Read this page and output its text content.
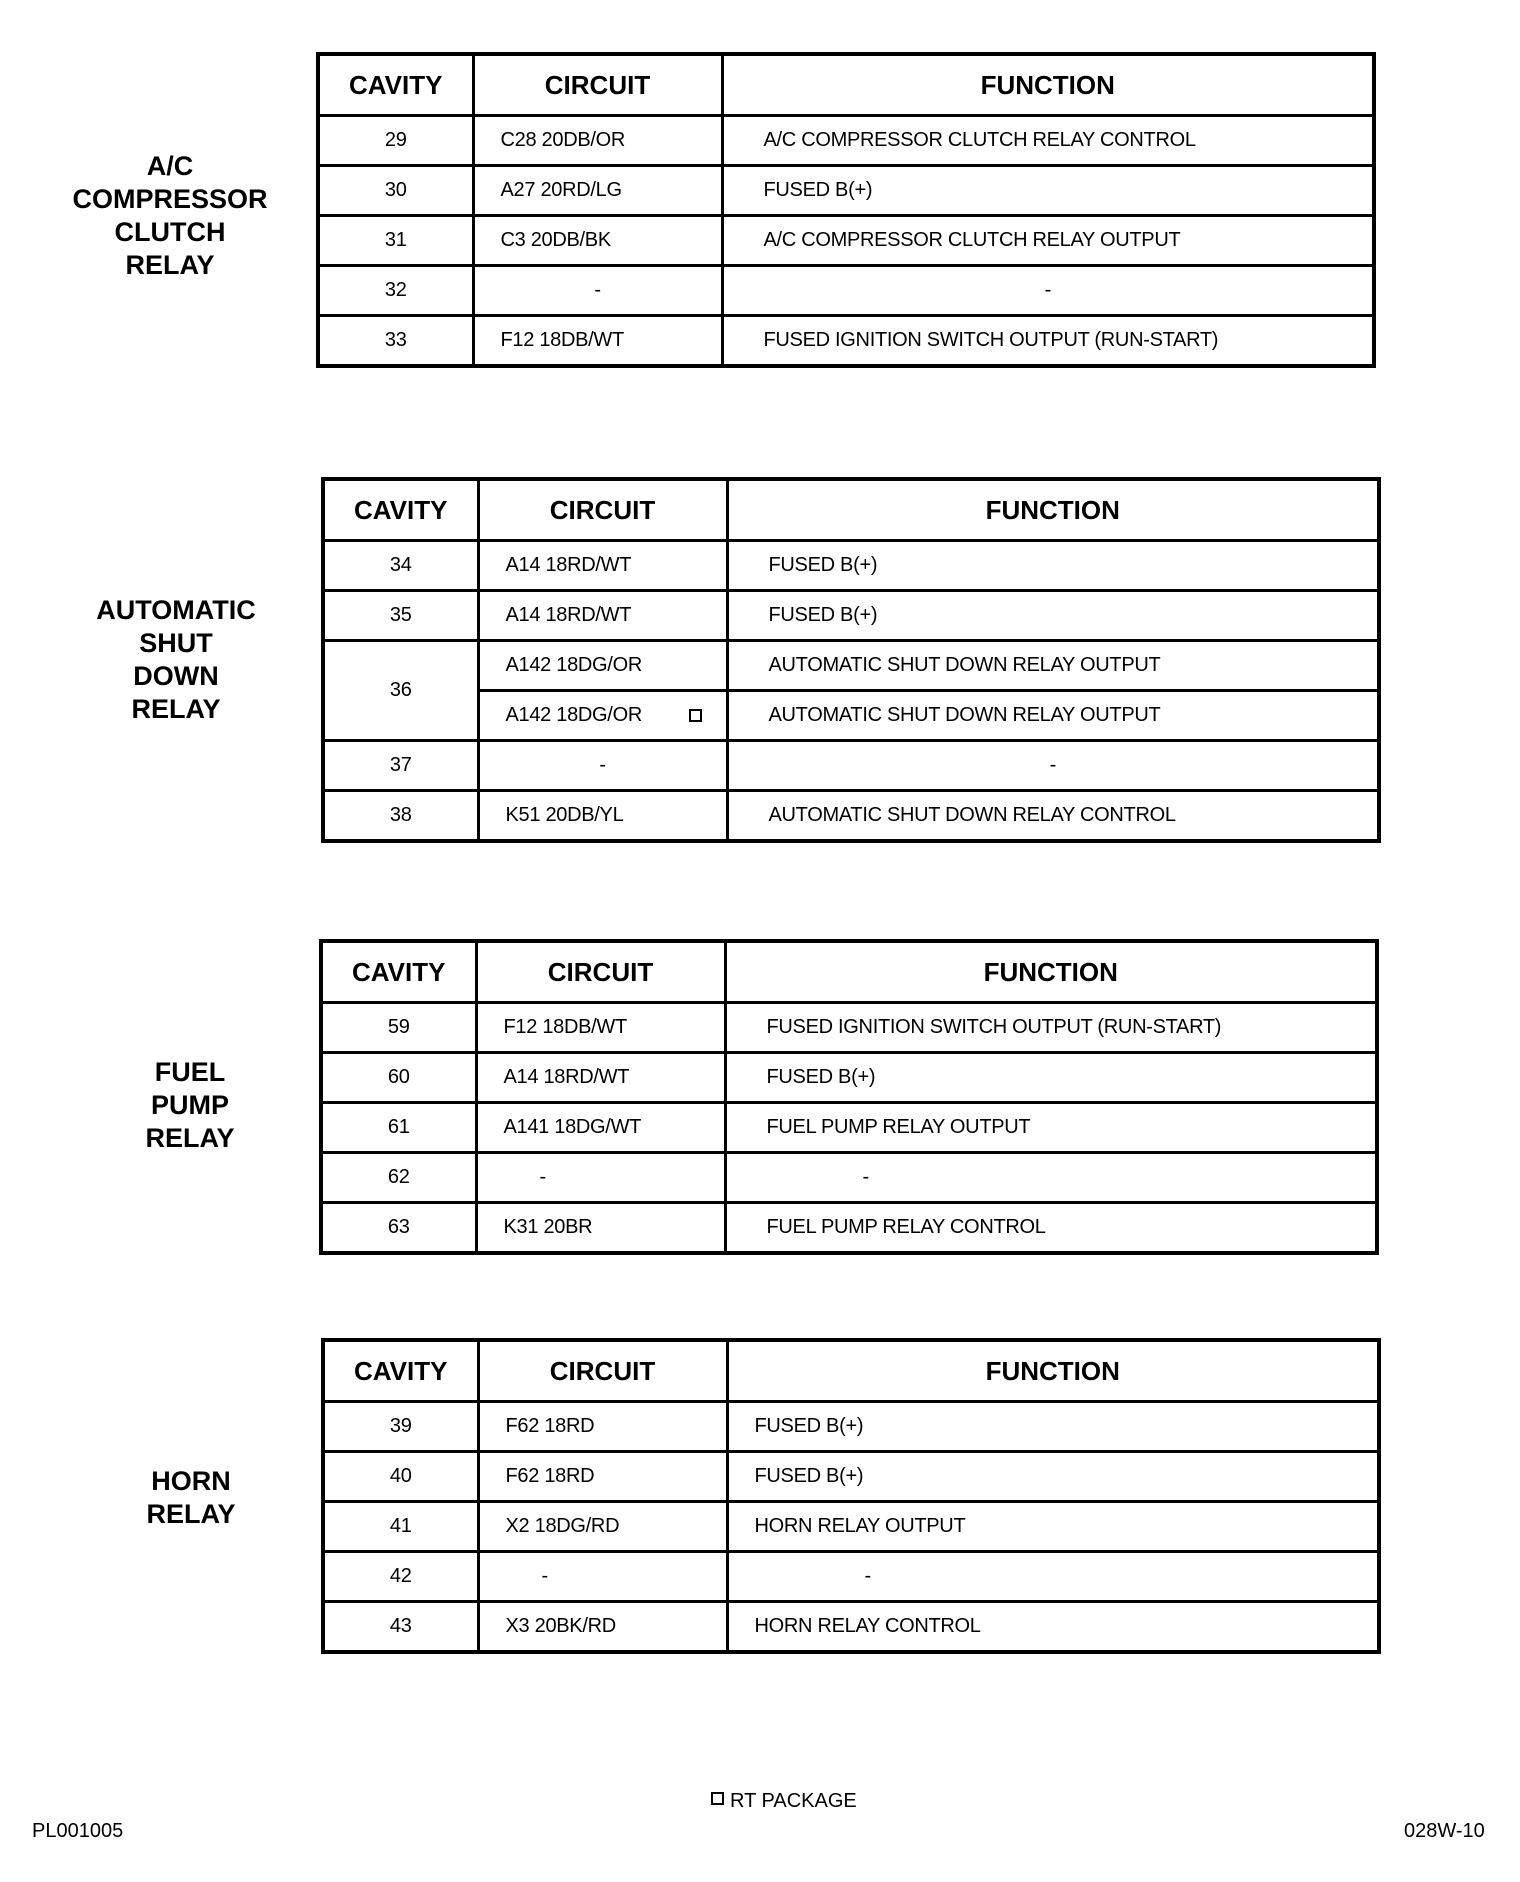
A/C
COMPRESSOR
CLUTCH
RELAY
CAVITY	CIRCUIT	FUNCTION
29	C28 20DB/OR	A/C COMPRESSOR CLUTCH RELAY CONTROL
30	A27 20RD/LG	FUSED B(+)
31	C3 20DB/BK	A/C COMPRESSOR CLUTCH RELAY OUTPUT
32	-	-
33	F12 18DB/WT	FUSED IGNITION SWITCH OUTPUT (RUN-START)
AUTOMATIC
SHUT
DOWN
RELAY
CAVITY	CIRCUIT	FUNCTION
34	A14 18RD/WT	FUSED B(+)
35	A14 18RD/WT	FUSED B(+)
36	A142 18DG/OR	AUTOMATIC SHUT DOWN RELAY OUTPUT
	A142 18DG/OR	AUTOMATIC SHUT DOWN RELAY OUTPUT
37	-	-
38	K51 20DB/YL	AUTOMATIC SHUT DOWN RELAY CONTROL
FUEL
PUMP
RELAY
CAVITY	CIRCUIT	FUNCTION
59	F12 18DB/WT	FUSED IGNITION SWITCH OUTPUT (RUN-START)
60	A14 18RD/WT	FUSED B(+)
61	A141 18DG/WT	FUEL PUMP RELAY OUTPUT
62	-	-
63	K31 20BR	FUEL PUMP RELAY CONTROL
HORN
RELAY
CAVITY	CIRCUIT	FUNCTION
39	F62 18RD	FUSED B(+)
40	F62 18RD	FUSED B(+)
41	X2 18DG/RD	HORN RELAY OUTPUT
42	-	-
43	X3 20BK/RD	HORN RELAY CONTROL
RT PACKAGE
PL001005	028W-10
